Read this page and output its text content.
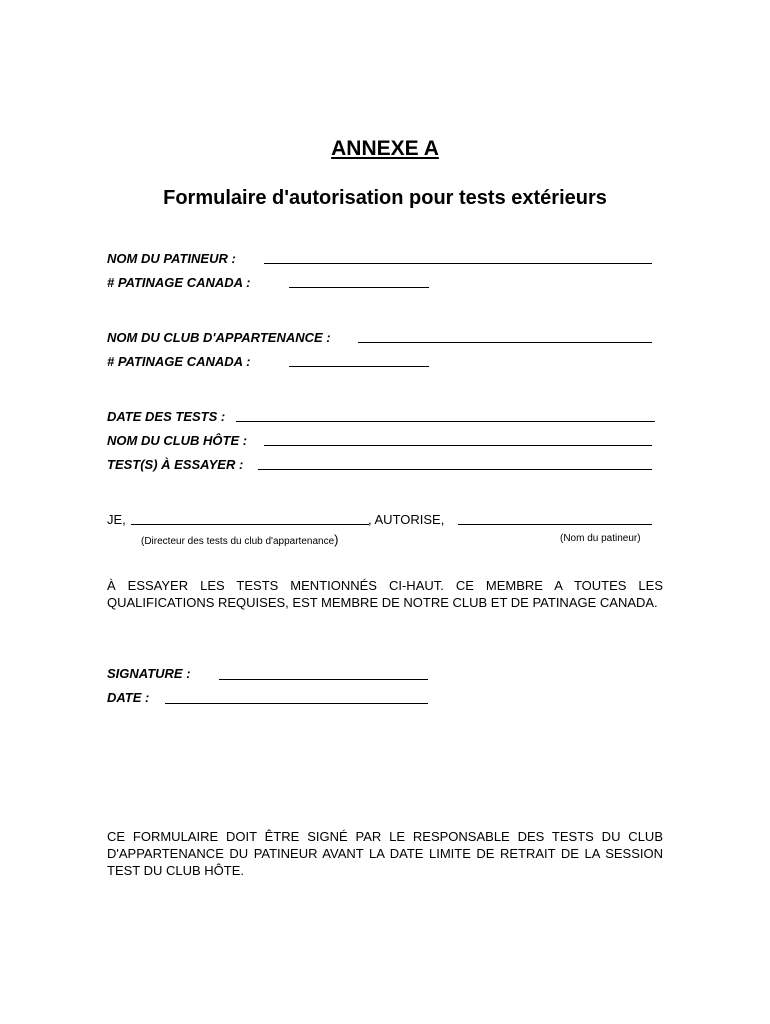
ANNEXE A
Formulaire d'autorisation pour tests extérieurs
NOM DU PATINEUR :
# PATINAGE CANADA :
NOM DU CLUB D'APPARTENANCE :
# PATINAGE CANADA :
DATE DES TESTS :
NOM DU CLUB HÔTE :
TEST(S) À ESSAYER :
JE,	, AUTORISE,
(Directeur des tests du club d'appartenance)	(Nom du patineur)
À ESSAYER LES TESTS MENTIONNÉS CI-HAUT. CE MEMBRE A TOUTES LES QUALIFICATIONS REQUISES, EST MEMBRE DE NOTRE CLUB ET DE PATINAGE CANADA.
SIGNATURE :
DATE :
CE FORMULAIRE DOIT ÊTRE SIGNÉ PAR LE RESPONSABLE DES TESTS DU CLUB D'APPARTENANCE DU PATINEUR AVANT LA DATE LIMITE DE RETRAIT DE LA SESSION TEST DU CLUB HÔTE.
